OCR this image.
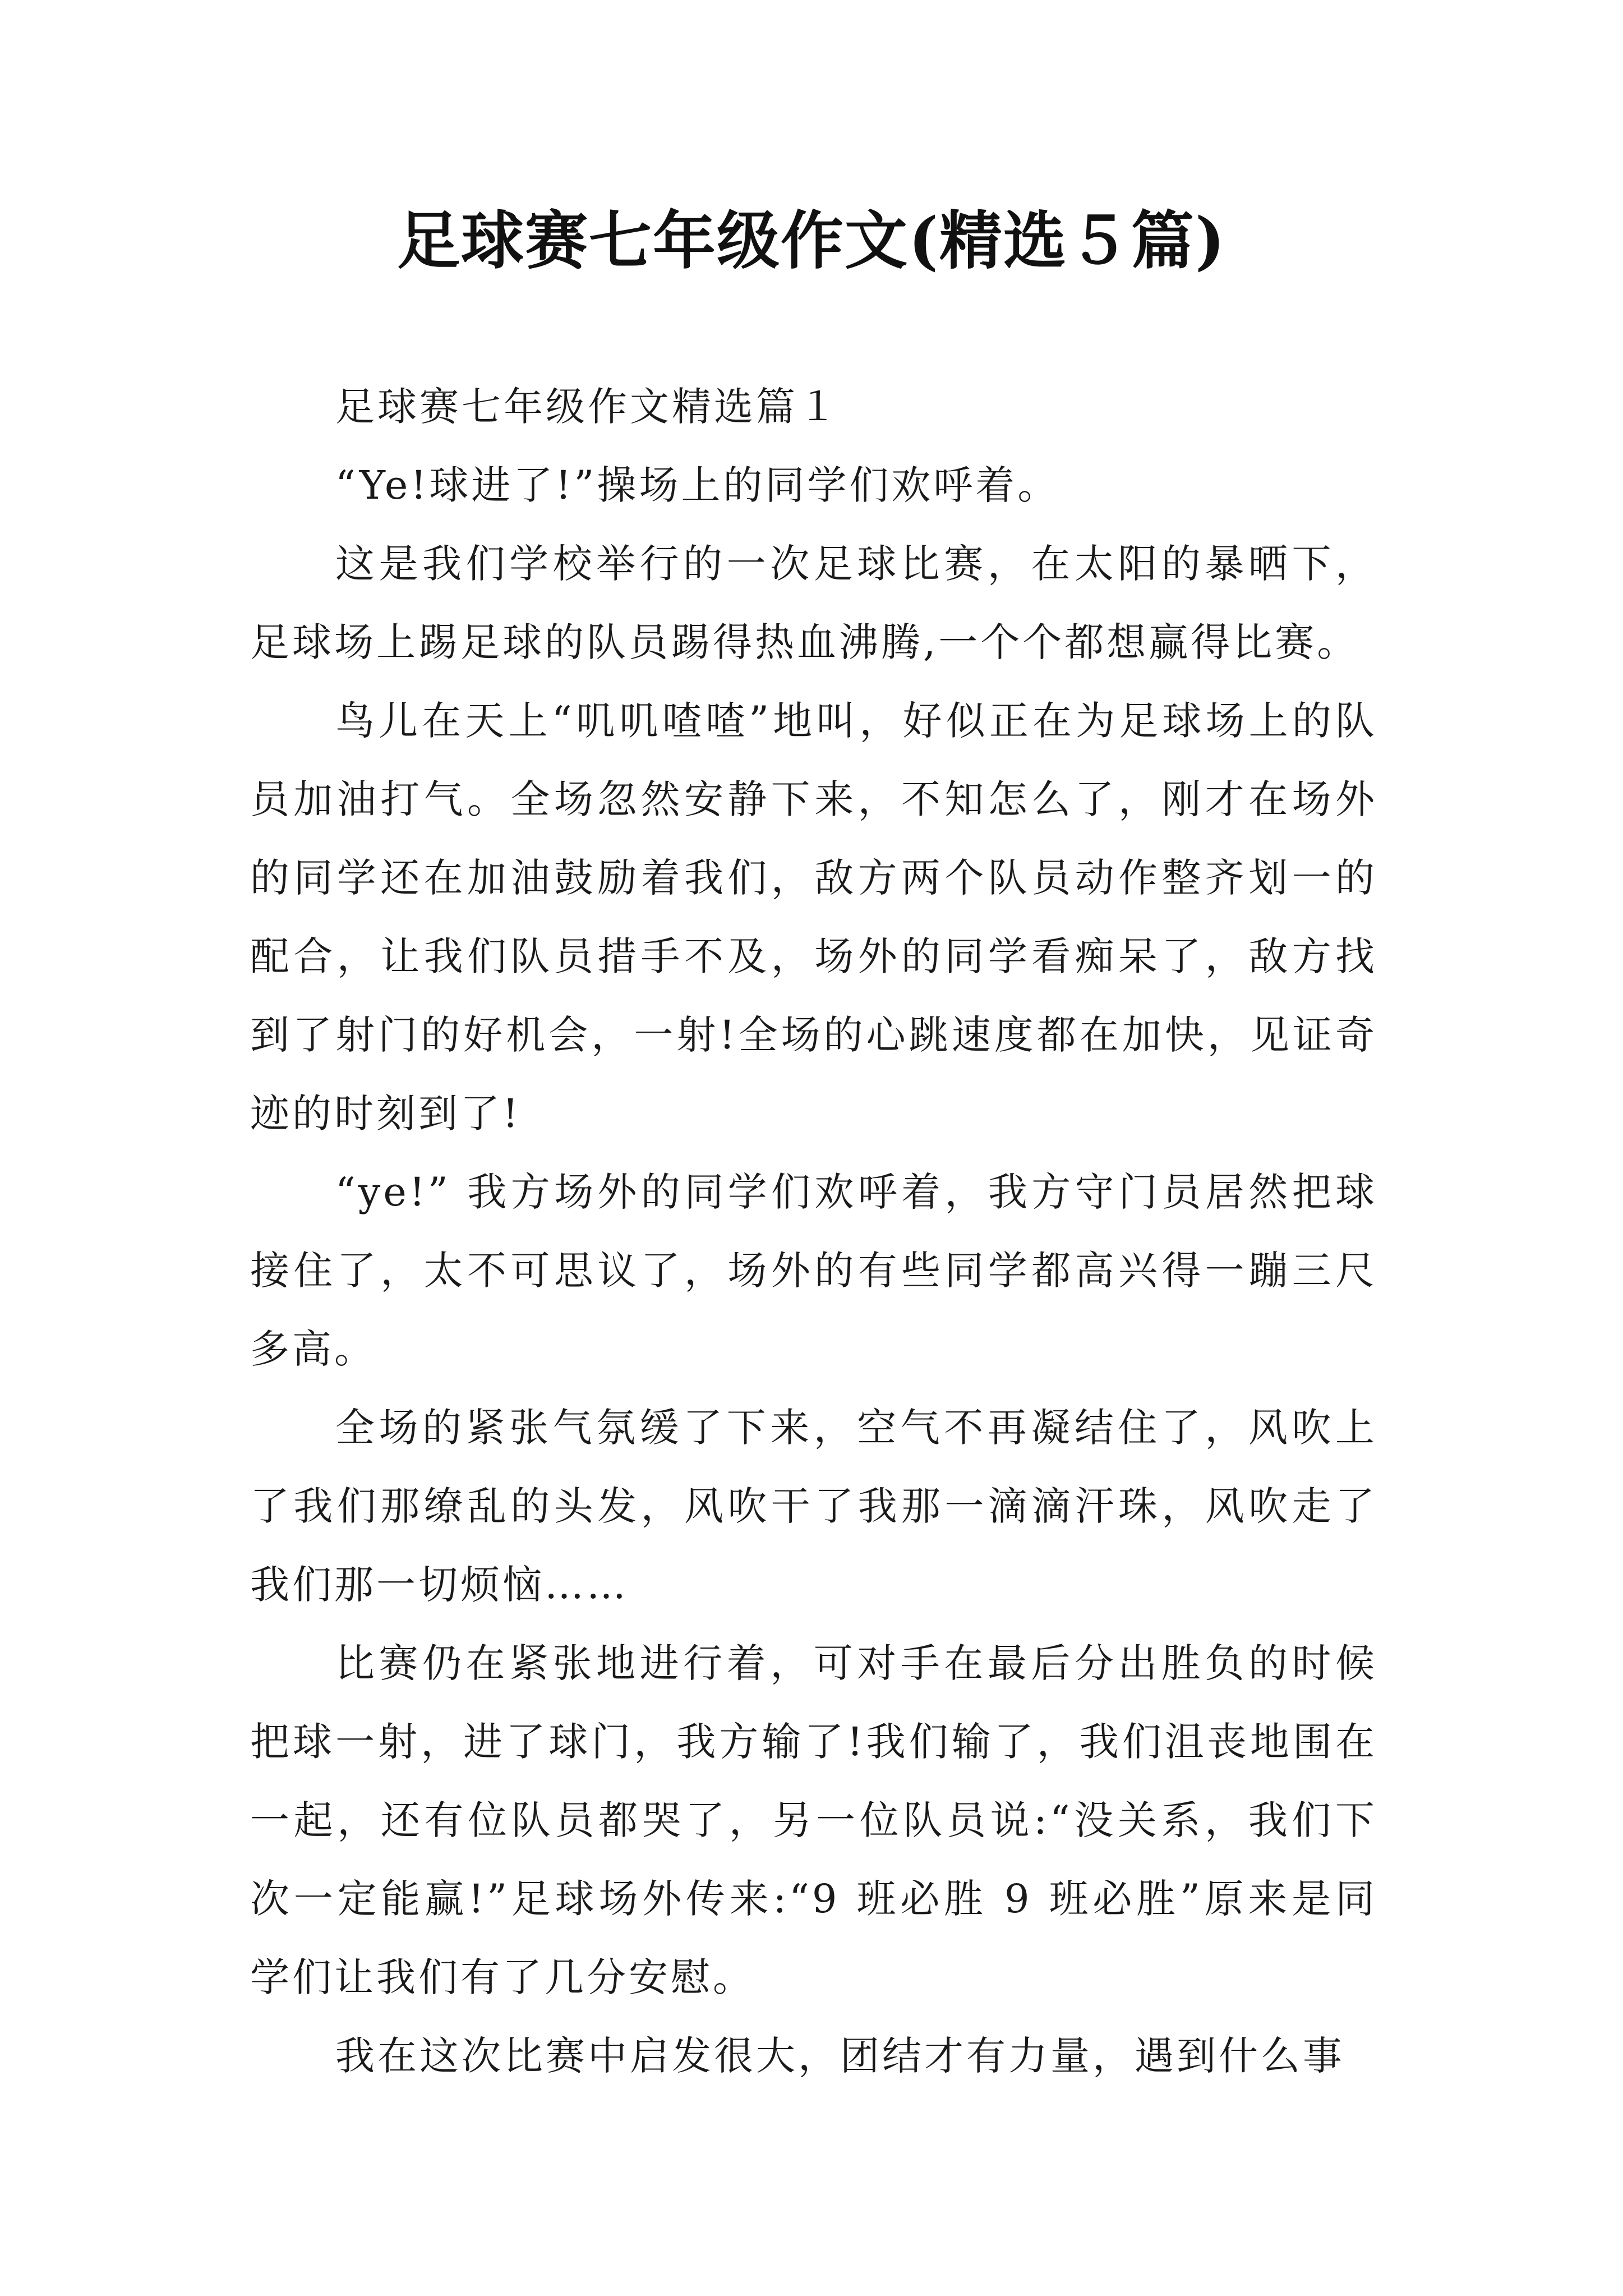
足球赛七年级作文(精选５篇)

足球赛七年级作文精选篇１

“Ye!球进了!”操场上的同学们欢呼着。

这是我们学校举行的一次足球比赛，在太阳的暴晒下，足球场上踢足球的队员踢得热血沸腾,一个个都想赢得比赛。

鸟儿在天上“叽叽喳喳”地叫，好似正在为足球场上的队员加油打气。全场忽然安静下来，不知怎么了，刚才在场外的同学还在加油鼓励着我们，敌方两个队员动作整齐划一的配合，让我们队员措手不及，场外的同学看痴呆了，敌方找到了射门的好机会，一射!全场的心跳速度都在加快，见证奇迹的时刻到了!

“ye!” 我方场外的同学们欢呼着，我方守门员居然把球接住了，太不可思议了，场外的有些同学都高兴得一蹦三尺多高。

全场的紧张气氛缓了下来，空气不再凝结住了，风吹上了我们那缭乱的头发，风吹干了我那一滴滴汗珠，风吹走了我们那一切烦恼……

比赛仍在紧张地进行着，可对手在最后分出胜负的时候把球一射，进了球门，我方输了!我们输了，我们沮丧地围在一起，还有位队员都哭了，另一位队员说:“没关系，我们下次一定能赢!”足球场外传来:“9 班必胜 9 班必胜”原来是同学们让我们有了几分安慰。

我在这次比赛中启发很大，团结才有力量，遇到什么事
